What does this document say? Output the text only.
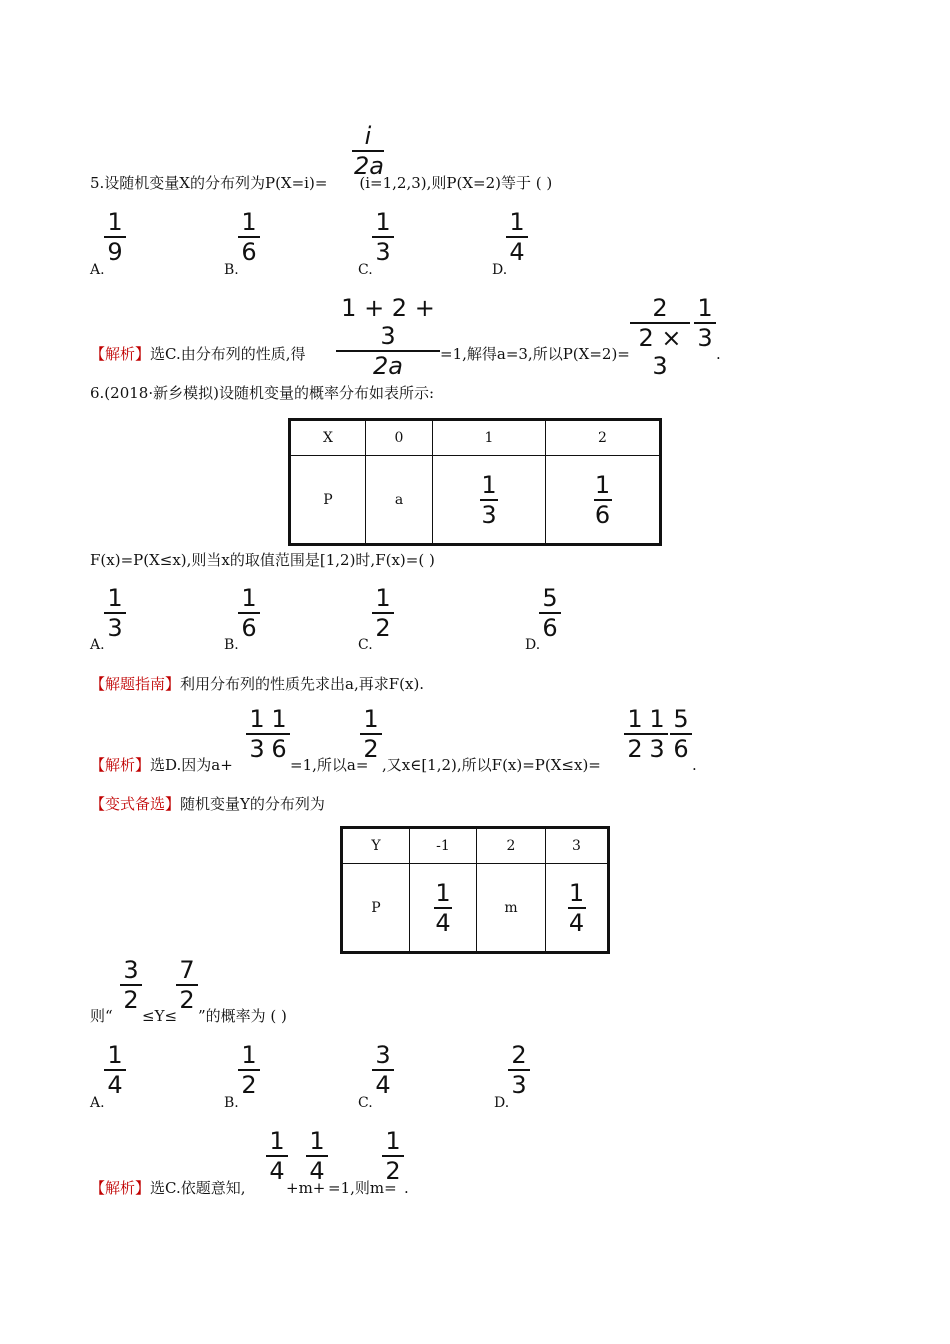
i
2a
5.设随机变量X的分布列为P(X=i)= (i=1,2,3),则P(X=2)等于 ( )
1
9
A.
1
6
B.
1
3
C.
1
4
D.
1 + 2 + 3
2a
2
2 × 3
1
3
【解析】选C.由分布列的性质,得	=1,解得a=3,所以P(X=2)=	.
6.(2018·新乡模拟)设随机变量的概率分布如表所示:
X	0	1	2
P	a	$\frac{1}{3}$	$\frac{1}{6}$
F(x)=P(X≤x),则当x的取值范围是[1,2)时,F(x)=( )
1
3
A.
1
6
B.
1
2
C.
5
6
D.
【解题指南】利用分布列的性质先求出a,再求F(x).
1
3
1
6
1
2
1
2
1
3
5
6
【解析】选D.因为a+	=1,所以a= ,又x∈[1,2),所以F(x)=P(X≤x)=	.
【变式备选】随机变量Y的分布列为
Y	-1	2	3
P	$\frac{1}{4}$	m	$\frac{1}{4}$
3
2
7
2
则“ ≤Y≤ ”的概率为 ( )
1
4
A.
1
2
B.
3
4
C.
2
3
D.
1
4
1
4
1
2
【解析】选C.依题意知,	+m+ =1,则m= .
